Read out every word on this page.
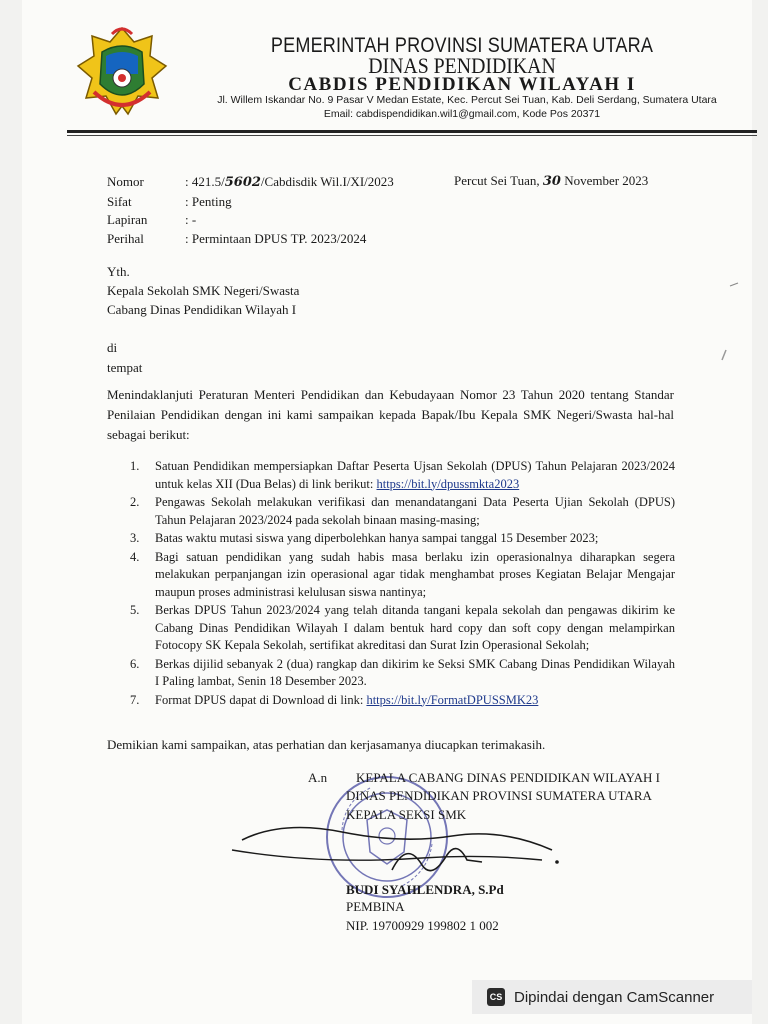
PEMERINTAH PROVINSI SUMATERA UTARA
DINAS PENDIDIKAN
CABDIS PENDIDIKAN WILAYAH I
Jl. Willem Iskandar No. 9 Pasar V Medan Estate, Kec. Percut Sei Tuan, Kab. Deli Serdang, Sumatera Utara
Email: cabdispendidikan.wil1@gmail.com, Kode Pos 20371
Nomor	: 421.5/5602/Cabdisdik Wil.I/XI/2023
Sifat	: Penting
Lapiran	: -
Perihal	: Permintaan DPUS TP. 2023/2024
Percut Sei Tuan, 30 November 2023
Yth.
Kepala Sekolah SMK Negeri/Swasta
Cabang Dinas Pendidikan Wilayah I
di
tempat
Menindaklanjuti Peraturan Menteri Pendidikan dan Kebudayaan Nomor 23 Tahun 2020 tentang Standar Penilaian Pendidikan dengan ini kami sampaikan kepada Bapak/Ibu Kepala SMK Negeri/Swasta hal-hal sebagai berikut:
1. Satuan Pendidikan mempersiapkan Daftar Peserta Ujsan Sekolah (DPUS) Tahun Pelajaran 2023/2024 untuk kelas XII (Dua Belas) di link berikut: https://bit.ly/dpussmkta2023
2. Pengawas Sekolah melakukan verifikasi dan menandatangani Data Peserta Ujian Sekolah (DPUS) Tahun Pelajaran 2023/2024 pada sekolah binaan masing-masing;
3. Batas waktu mutasi siswa yang diperbolehkan hanya sampai tanggal 15 Desember 2023;
4. Bagi satuan pendidikan yang sudah habis masa berlaku izin operasionalnya diharapkan segera melakukan perpanjangan izin operasional agar tidak menghambat proses Kegiatan Belajar Mengajar maupun proses administrasi kelulusan siswa nantinya;
5. Berkas DPUS Tahun 2023/2024 yang telah ditanda tangani kepala sekolah dan pengawas dikirim ke Cabang Dinas Pendidikan Wilayah I dalam bentuk hard copy dan soft copy dengan melampirkan Fotocopy SK Kepala Sekolah, sertifikat akreditasi dan Surat Izin Operasional Sekolah;
6. Berkas dijilid sebanyak 2 (dua) rangkap dan dikirim ke Seksi SMK Cabang Dinas Pendidikan Wilayah I Paling lambat, Senin 18 Desember 2023.
7. Format DPUS dapat di Download di link: https://bit.ly/FormatDPUSSMK23
Demikian kami sampaikan, atas perhatian dan kerjasamanya diucapkan terimakasih.
A.n KEPALA CABANG DINAS PENDIDIKAN WILAYAH I
DINAS PENDIDIKAN PROVINSI SUMATERA UTARA
KEPALA SEKSI SMK
BUDI SYAHLENDRA, S.Pd
PEMBINA
NIP. 19700929 199802 1 002
CS Dipindai dengan CamScanner
